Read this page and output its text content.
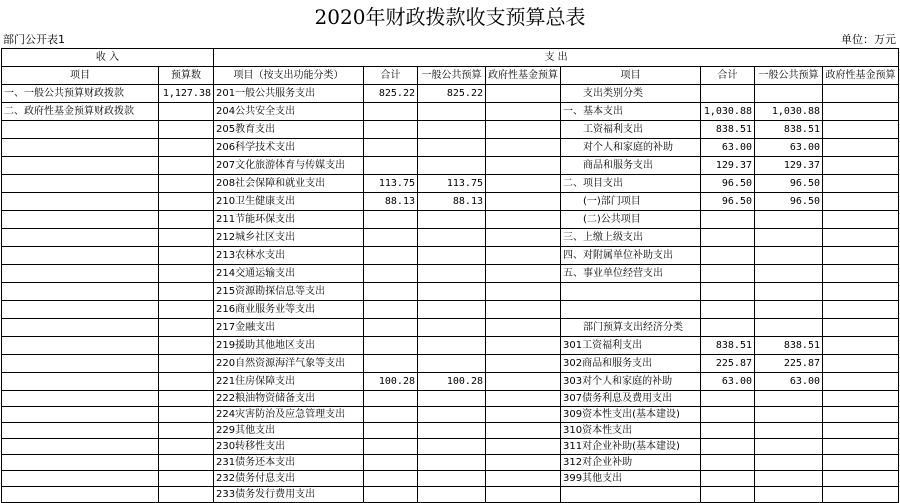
2020年财政拨款收支预算总表
部门公开表1	单位：万元
收 入		支 出							
项目	预算数	项目（按支出功能分类）	合计	一般公共预算	政府性基金预算	项目	合计	一般公共预算	政府性基金预算
一、一般公共预算财政拨款	1,127.38	201一般公共服务支出	825.22	825.22		支出类别分类			
二、政府性基金预算财政拨款		204公共安全支出				一、基本支出	1,030.88	1,030.88	
		205教育支出				工资福利支出	838.51	838.51	
		206科学技术支出				对个人和家庭的补助	63.00	63.00	
		207文化旅游体育与传媒支出				商品和服务支出	129.37	129.37	
		208社会保障和就业支出	113.75	113.75		二、项目支出	96.50	96.50	
		210卫生健康支出	88.13	88.13		(一)部门项目	96.50	96.50	
		211节能环保支出				(二)公共项目			
		212城乡社区支出				三、上缴上级支出			
		213农林水支出				四、对附属单位补助支出			
		214交通运输支出				五、事业单位经营支出			
		215资源勘探信息等支出							
		216商业服务业等支出							
		217金融支出				部门预算支出经济分类			
		219援助其他地区支出				301工资福利支出	838.51	838.51	
		220自然资源海洋气象等支出				302商品和服务支出	225.87	225.87	
		221住房保障支出	100.28	100.28		303对个人和家庭的补助	63.00	63.00	
		222粮油物资储备支出				307债务利息及费用支出			
		224灾害防治及应急管理支出				309资本性支出(基本建设)			
		229其他支出				310资本性支出			
		230转移性支出				311对企业补助(基本建设)			
		231债务还本支出				312对企业补助			
		232债务付息支出				399其他支出			
		233债务发行费用支出							
